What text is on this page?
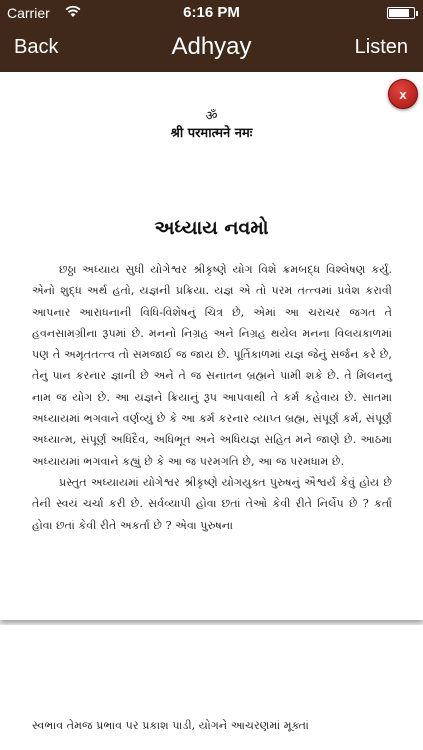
Carrier	6:16 PM
Back	Adhyay	Listen
ॐ
श्री परमात्मने नमः
અધ્યાય નવમો

છઠ્ઠા અધ્યાય સુધી યોગેશ્વર શ્રીકૃષ્ણે યોગ વિશે ક્રમબદ્ધ વિશ્લેષણ કર્યું. એનો શુદ્ધ અર્થ હતો, યજ્ઞની પ્રક્રિયા. યજ્ઞ એ તો પરમ તત્ત્વમાં પ્રવેશ કરાવી આપનાર આરાધનાની વિધિ-વિશેષનું ચિત્ર છે, એમાં આ ચરાચર જગત તે હવનસામગ્રીના રૂપમાં છે. મનનો નિગ્રહ અને નિગ્રહ થયેલ મનના વિલયકાળમાં પણ તે અમૃતતત્ત્વ તો સમજાઈ જ જાય છે. પૂર્તિકાળમાં યજ્ઞ જેનું સર્જન કરે છે, તેનું પાન કરનાર જ્ઞાની છે અને તે જ સનાતન બ્રહ્મને પામી શકે છે. તે મિલનનું નામ જ યોગ છે. આ યજ્ઞને ક્રિયાનું રૂપ આપવાથી તે કર્મ કહેવાય છે. સાતમા અધ્યાયમાં ભગવાને વર્ણવ્યું છે કે આ કર્મ કરનાર વ્યાપ્ત બ્રહ્મ, સંપૂર્ણ કર્મ, સંપૂર્ણ અધ્યાત્મ, સંપૂર્ણ અધિદૈવ, અધિભૂત અને અધિયજ્ઞ સહિત મને જાણે છે. આઠમા અધ્યાયમાં ભગવાને કહ્યું છે કે આ જ પરમગતિ છે, આ જ પરમધામ છે.

પ્રસ્તુત અધ્યાયમાં યોગેશ્વર શ્રીકૃષ્ણે યોગયુક્ત પુરુષનું ઐશ્વર્ય કેવું હોય છે તેની સ્વયં ચર્ચા કરી છે. સર્વવ્યાપી હોવા છતાં તેઓ કેવી રીતે નિર્લેપ છે ? કર્તા હોવા છતાં કેવી રીતે અકર્તા છે ? એવા પુરુષના

x
સ્વભાવ તેમજ પ્રભાવ પર પ્રકાશ પાડી, યોગને આચરણમાં મૂક્તાં
